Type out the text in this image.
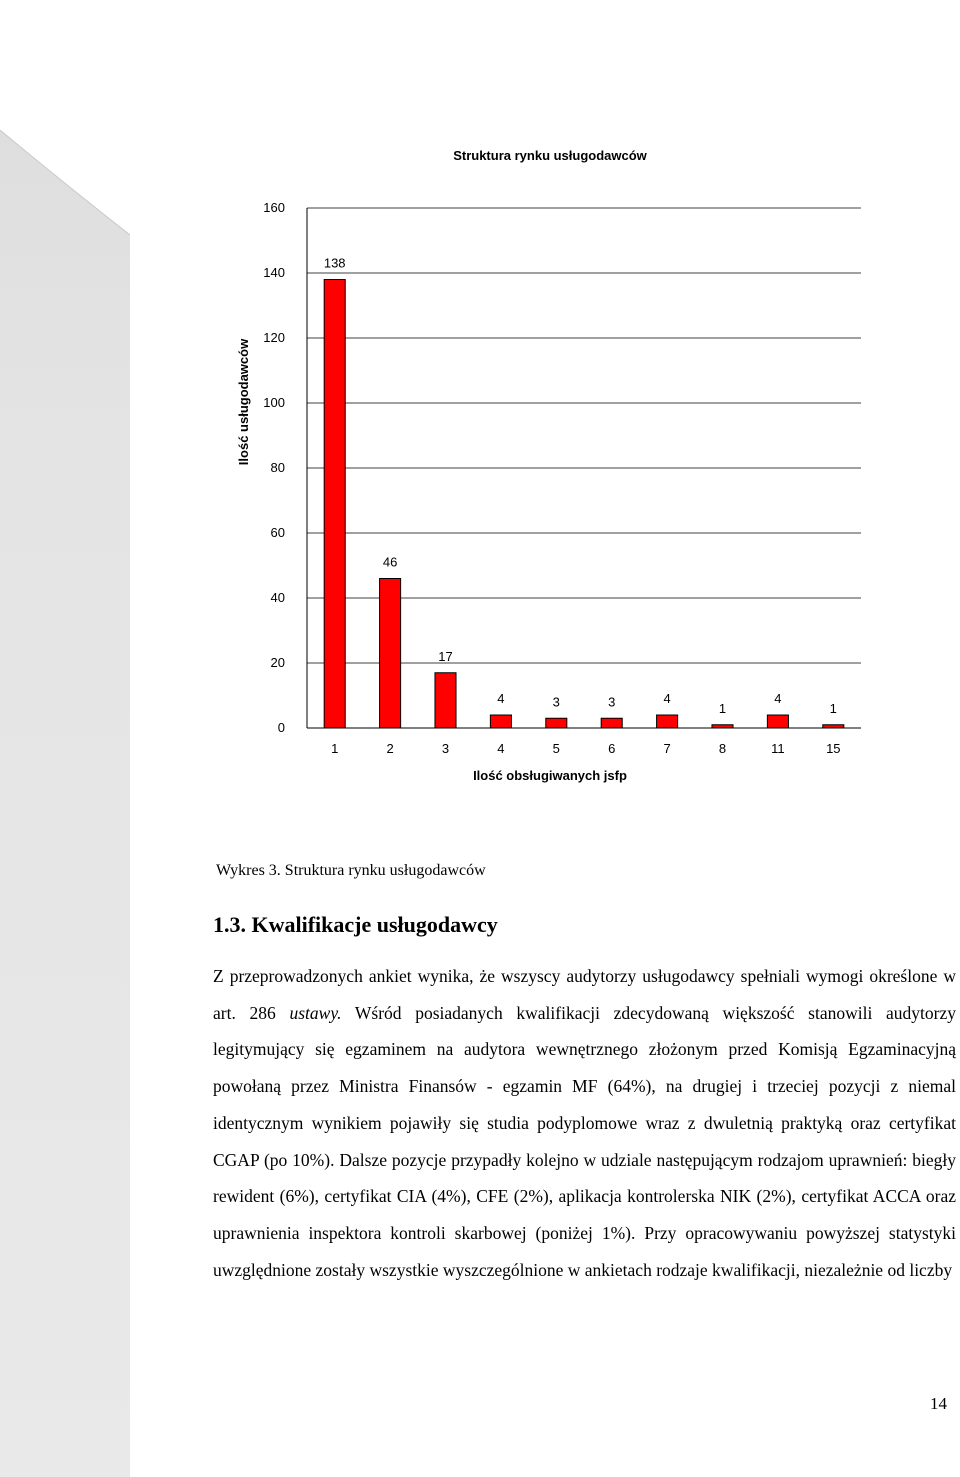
Struktura rynku usługodawców
0
20
40
60
80
100
120
140
160
138
1
46
2
17
3
4
4
3
5
3
6
4
7
1
8
4
11
1
15
Ilość obsługiwanych jsfp
Ilość usługodawców
Wykres 3. Struktura rynku usługodawców
1.3. Kwalifikacje usługodawcy

Z przeprowadzonych ankiet wynika, że wszyscy audytorzy usługodawcy spełniali wymogi określone w art. 286 ustawy. Wśród posiadanych kwalifikacji zdecydowaną większość stanowili audytorzy legitymujący się egzaminem na audytora wewnętrznego złożonym przed Komisją Egzaminacyjną powołaną przez Ministra Finansów - egzamin MF (64%), na drugiej i trzeciej pozycji z niemal identycznym wynikiem pojawiły się studia podyplomowe wraz z dwuletnią praktyką oraz certyfikat CGAP (po 10%). Dalsze pozycje przypadły kolejno w udziale następującym rodzajom uprawnień: biegły rewident (6%), certyfikat CIA (4%), CFE (2%), aplikacja kontrolerska NIK (2%), certyfikat ACCA oraz uprawnienia inspektora kontroli skarbowej (poniżej 1%). Przy opracowywaniu powyższej statystyki uwzględnione zostały wszystkie wyszczególnione w ankietach rodzaje kwalifikacji, niezależnie od liczby

14
